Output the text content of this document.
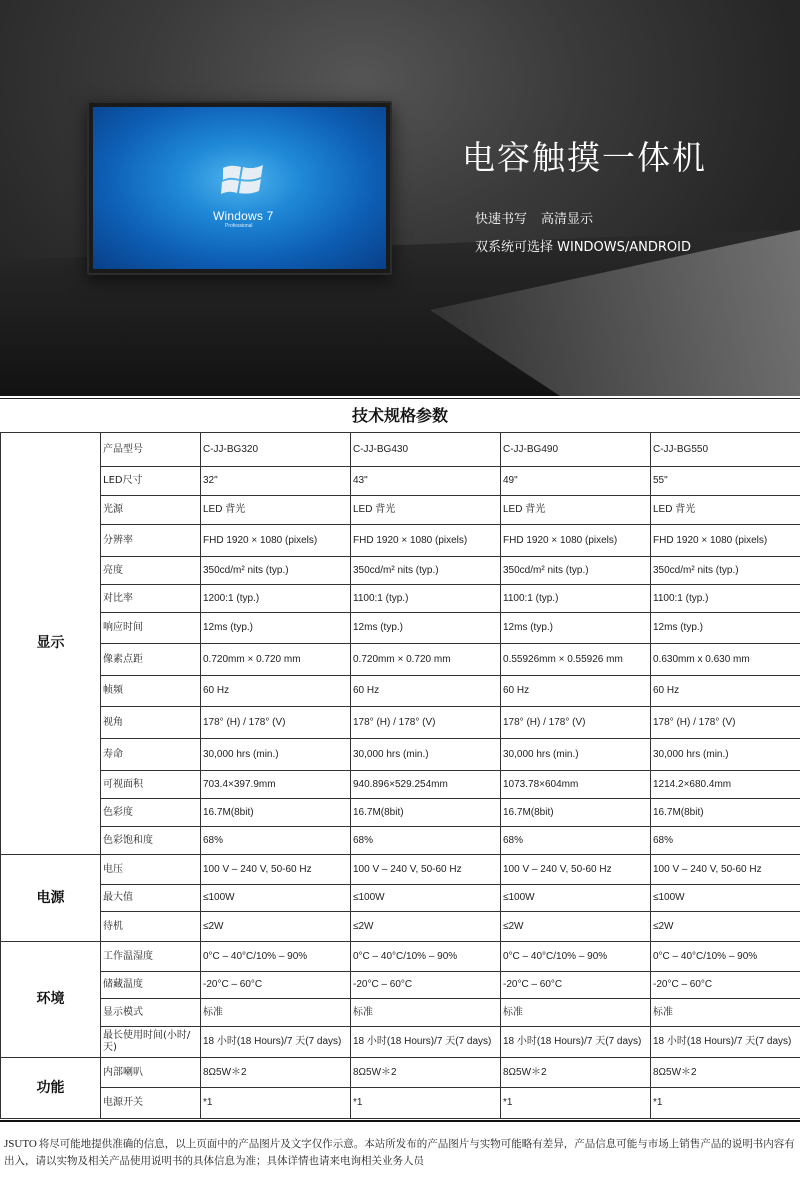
Windows 7
Professional
电容触摸一体机
快速书写 高清显示
双系统可选择 WINDOWS/ANDROID
技术规格参数
显示	产品型号	C-JJ-BG320	C-JJ-BG430	C-JJ-BG490	C-JJ-BG550
	LED尺寸	32"	43"	49"	55"
	光源	LED 背光	LED 背光	LED 背光	LED 背光
	分辨率	FHD 1920 × 1080 (pixels)	FHD 1920 × 1080 (pixels)	FHD 1920 × 1080 (pixels)	FHD 1920 × 1080 (pixels)
	亮度	350cd/m² nits (typ.)	350cd/m² nits (typ.)	350cd/m² nits (typ.)	350cd/m² nits (typ.)
	对比率	1200:1 (typ.)	1100:1 (typ.)	1100:1 (typ.)	1100:1 (typ.)
	响应时间	12ms (typ.)	12ms (typ.)	12ms (typ.)	12ms (typ.)
	像素点距	0.720mm × 0.720 mm	0.720mm × 0.720 mm	0.55926mm × 0.55926 mm	0.630mm x 0.630 mm
	帧频	60 Hz	60 Hz	60 Hz	60 Hz
	视角	178° (H) / 178° (V)	178° (H) / 178° (V)	178° (H) / 178° (V)	178° (H) / 178° (V)
	寿命	30,000 hrs (min.)	30,000 hrs (min.)	30,000 hrs (min.)	30,000 hrs (min.)
	可视面积	703.4×397.9mm	940.896×529.254mm	1073.78×604mm	1214.2×680.4mm
	色彩度	16.7M(8bit)	16.7M(8bit)	16.7M(8bit)	16.7M(8bit)
	色彩饱和度	68%	68%	68%	68%
电源	电压	100 V – 240 V, 50-60 Hz	100 V – 240 V, 50-60 Hz	100 V – 240 V, 50-60 Hz	100 V – 240 V, 50-60 Hz
	最大值	≤100W	≤100W	≤100W	≤100W
	待机	≤2W	≤2W	≤2W	≤2W
环境	工作温湿度	0°C – 40°C/10% – 90%	0°C – 40°C/10% – 90%	0°C – 40°C/10% – 90%	0°C – 40°C/10% – 90%
	储藏温度	-20°C – 60°C	-20°C – 60°C	-20°C – 60°C	-20°C – 60°C
	显示模式	标准	标准	标准	标准
	最长使用时间(小时/天)	18 小时(18 Hours)/7 天(7 days)	18 小时(18 Hours)/7 天(7 days)	18 小时(18 Hours)/7 天(7 days)	18 小时(18 Hours)/7 天(7 days)
功能	内部喇叭	8Ω5W＊2	8Ω5W＊2	8Ω5W＊2	8Ω5W＊2
	电源开关	*1	*1	*1	*1
JSUTO 将尽可能地提供准确的信息，以上页面中的产品图片及文字仅作示意。本站所发布的产品图片与实物可能略有差异，产品信息可能与市场上销售产品的说明书内容有出入，请以实物及相关产品使用说明书的具体信息为准；具体详情也请来电询相关业务人员
